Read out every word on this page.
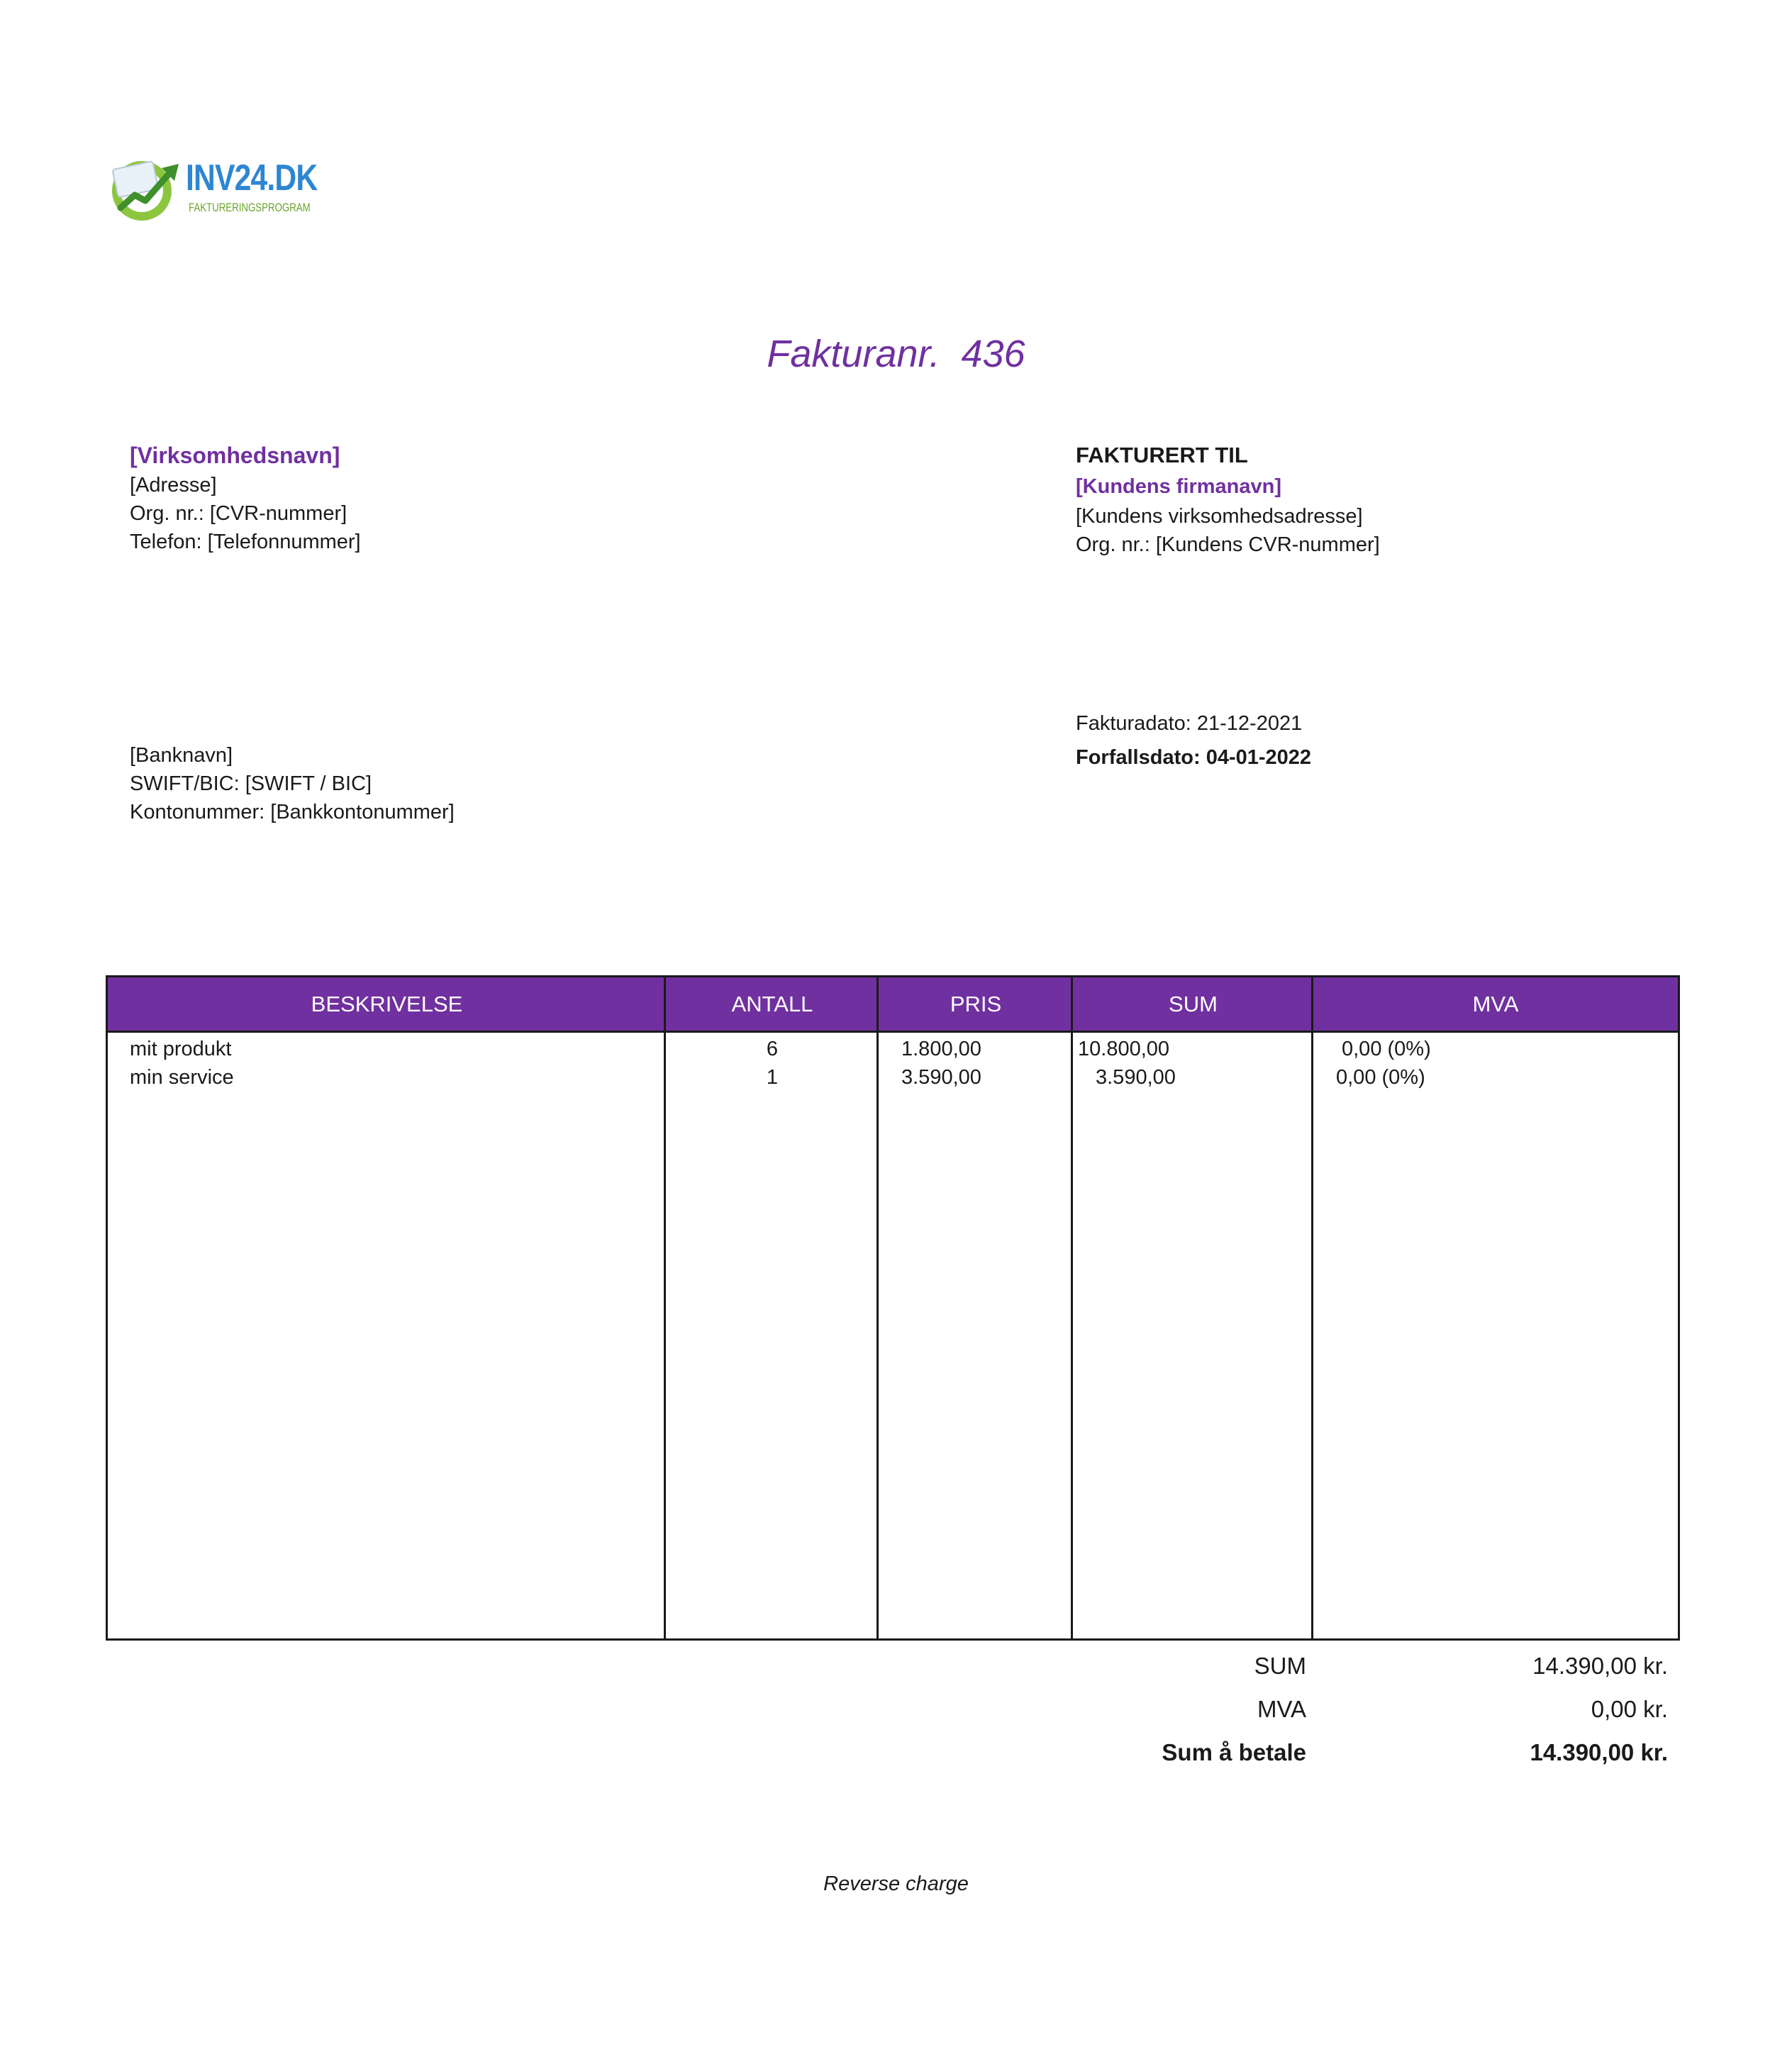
INV24.DK
FAKTURERINGSPROGRAM
Fakturanr.  436
[Virksomhedsnavn]
[Adresse]
Org. nr.: [CVR-nummer]
Telefon: [Telefonnummer]
FAKTURERT TIL
[Kundens firmanavn]
[Kundens virksomhedsadresse]
Org. nr.: [Kundens CVR-nummer]
Fakturadato: 21-12-2021
Forfallsdato: 04-01-2022
[Banknavn]
SWIFT/BIC: [SWIFT / BIC]
Kontonummer: [Bankkontonummer]
BESKRIVELSE	ANTALL	PRIS	SUM	MVA
mit produkt	6	1.800,00	10.800,00	0,00 (0%)
min service	1	3.590,00	3.590,00	0,00 (0%)
SUM	14.390,00 kr.
MVA	0,00 kr.
Sum å betale	14.390,00 kr.
Reverse charge
